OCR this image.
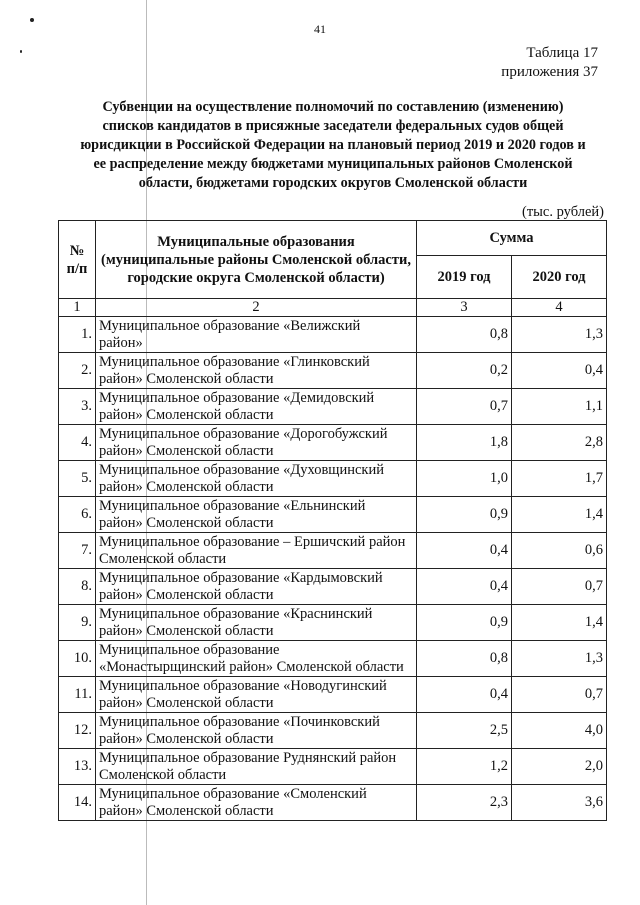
41
Таблица 17
приложения 37
Субвенции на осуществление полномочий по составлению (изменению)
списков кандидатов в присяжные заседатели федеральных судов общей
юрисдикции в Российской Федерации на плановый период 2019 и 2020 годов и
ее распределение между бюджетами муниципальных районов Смоленской
области, бюджетами городских округов Смоленской области
(тыс. рублей)
№ п/п	Муниципальные образования (муниципальные районы Смоленской области, городские округа Смоленской области)	Сумма	
		2019 год	2020 год
1	2	3	4
1.	Муниципальное образование «Велижский
район»	0,8	1,3
2.	Муниципальное образование «Глинковский
район» Смоленской области	0,2	0,4
3.	Муниципальное образование «Демидовский
район» Смоленской области	0,7	1,1
4.	Муниципальное образование «Дорогобужский
район» Смоленской области	1,8	2,8
5.	Муниципальное образование «Духовщинский
район» Смоленской области	1,0	1,7
6.	Муниципальное образование «Ельнинский
район» Смоленской области	0,9	1,4
7.	Муниципальное образование – Ершичский район
Смоленской области	0,4	0,6
8.	Муниципальное образование «Кардымовский
район» Смоленской области	0,4	0,7
9.	Муниципальное образование «Краснинский
район» Смоленской области	0,9	1,4
10.	Муниципальное образование
«Монастырщинский район» Смоленской области	0,8	1,3
11.	Муниципальное образование «Новодугинский
район» Смоленской области	0,4	0,7
12.	Муниципальное образование «Починковский
район» Смоленской области	2,5	4,0
13.	Муниципальное образование Руднянский район
Смоленской области	1,2	2,0
14.	Муниципальное образование «Смоленский
район» Смоленской области	2,3	3,6
